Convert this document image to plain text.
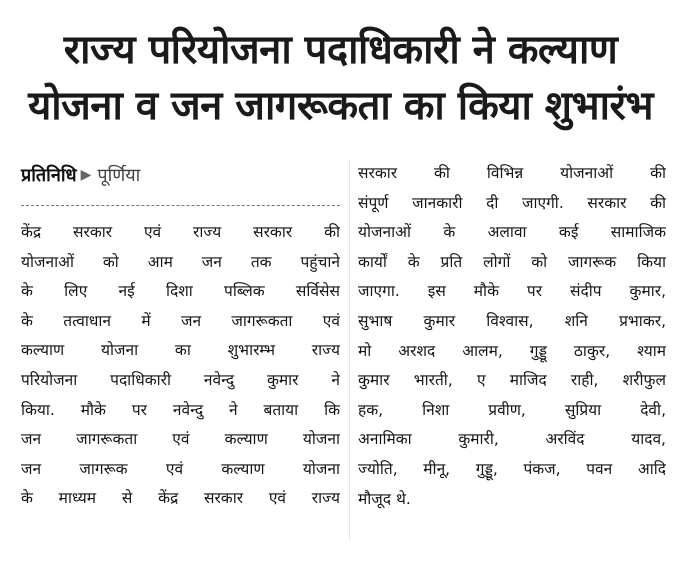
राज्य परियोजना पदाधिकारी ने कल्याण
योजना व जन जागरूकता का किया शुभारंभ
प्रतिनिधि ▶ पूर्णिया
केंद्र सरकार एवं राज्य सरकार की
योजनाओं को आम जन तक पहुंचाने
के लिए नई दिशा पब्लिक सर्विसेस
के तत्वाधान में जन जागरूकता एवं
कल्याण योजना का शुभारम्भ राज्य
परियोजना पदाधिकारी नवेन्दु कुमार ने
किया. मौके पर नवेन्दु ने बताया कि
जन जागरूकता एवं कल्याण योजना
जन जागरूक एवं कल्याण योजना
के माध्यम से केंद्र सरकार एवं राज्य
सरकार की विभिन्न योजनाओं की
संपूर्ण जानकारी दी जाएगी. सरकार की
योजनाओं के अलावा कई सामाजिक
कार्यों के प्रति लोगों को जागरूक किया
जाएगा. इस मौके पर संदीप कुमार,
सुभाष कुमार विश्वास, शनि प्रभाकर,
मो अरशद आलम, गुड्डू ठाकुर, श्याम
कुमार भारती, ए माजिद राही, शरीफुल
हक, निशा प्रवीण, सुप्रिया देवी,
अनामिका कुमारी, अरविंद यादव,
ज्योति, मीनू, गुड्डू, पंकज, पवन आदि
मौजूद थे.
